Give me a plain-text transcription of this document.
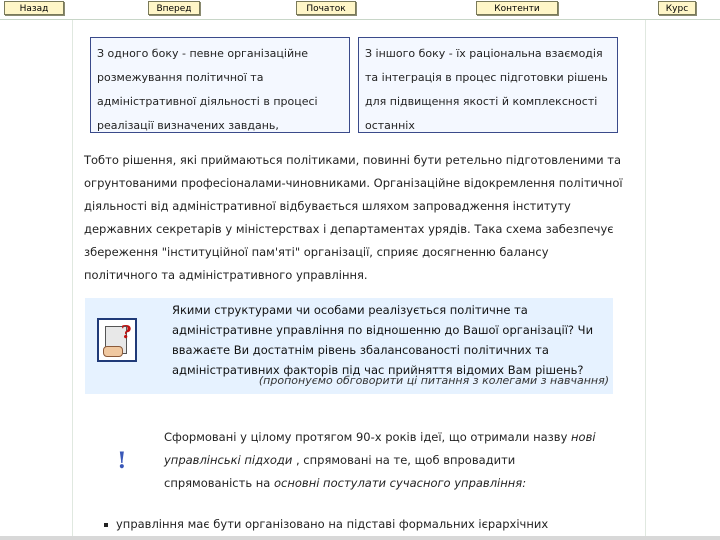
Назад	Вперед	Початок	Контенти	Курс
З одного боку - певне організаційне розмежування політичної та адміністративної діяльності в процесі реалізації визначених завдань,
З іншого боку - їх раціональна взаємодія та інтеграція в процес підготовки рішень для підвищення якості й комплексності останніх
Тобто рішення, які приймаються політиками, повинні бути ретельно підготовленими та огрунтованими професіоналами-чиновниками. Організаційне відокремлення політичної діяльності від адміністративної відбувається шляхом запровадження інституту державних секретарів у міністерствах і департаментах урядів. Така схема забезпечує збереження "інституційної пам'яті" організації, сприяє досягненню балансу політичного та адміністративного управління.
?
Якими структурами чи особами реалізується політичне та адміністративне управління по відношенню до Вашої організації? Чи вважаєте Ви достатнім рівень збалансованості політичних та адміністративних факторів під час прийняття відомих Вам рішень?
(пропонуємо обговорити ці питання з колегами з навчання)
!
Сформовані у цілому протягом 90-х років ідеї, що отримали назву нові управлінські підходи , спрямовані на те, щоб впровадити спрямованість на основні постулати сучасного управління:
управління має бути організовано на підставі формальних ієрархічних
